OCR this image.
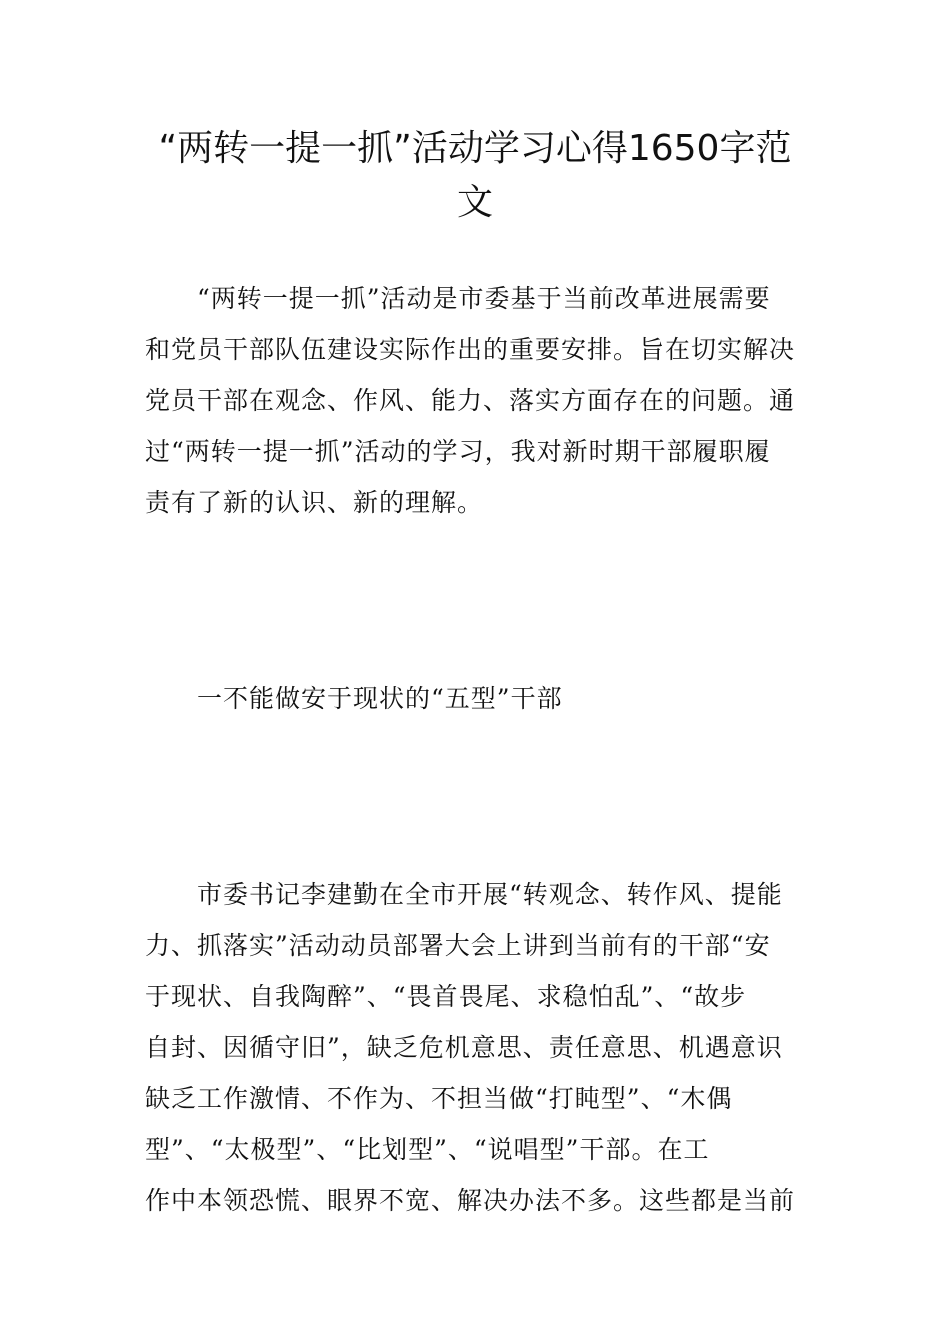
“两转一提一抓”活动学习心得1650字范
文
“两转一提一抓”活动是市委基于当前改革进展需要
和党员干部队伍建设实际作出的重要安排。旨在切实解决
党员干部在观念、作风、能力、落实方面存在的问题。通
过“两转一提一抓”活动的学习，我对新时期干部履职履
责有了新的认识、新的理解。
一不能做安于现状的“五型”干部
市委书记李建勤在全市开展“转观念、转作风、提能
力、抓落实”活动动员部署大会上讲到当前有的干部“安
于现状、自我陶醉”、“畏首畏尾、求稳怕乱”、“故步
自封、因循守旧”，缺乏危机意思、责任意思、机遇意识
缺乏工作激情、不作为、不担当做“打盹型”、“木偶
型”、“太极型”、“比划型”、“说唱型”干部。在工
作中本领恐慌、眼界不宽、解决办法不多。这些都是当前
